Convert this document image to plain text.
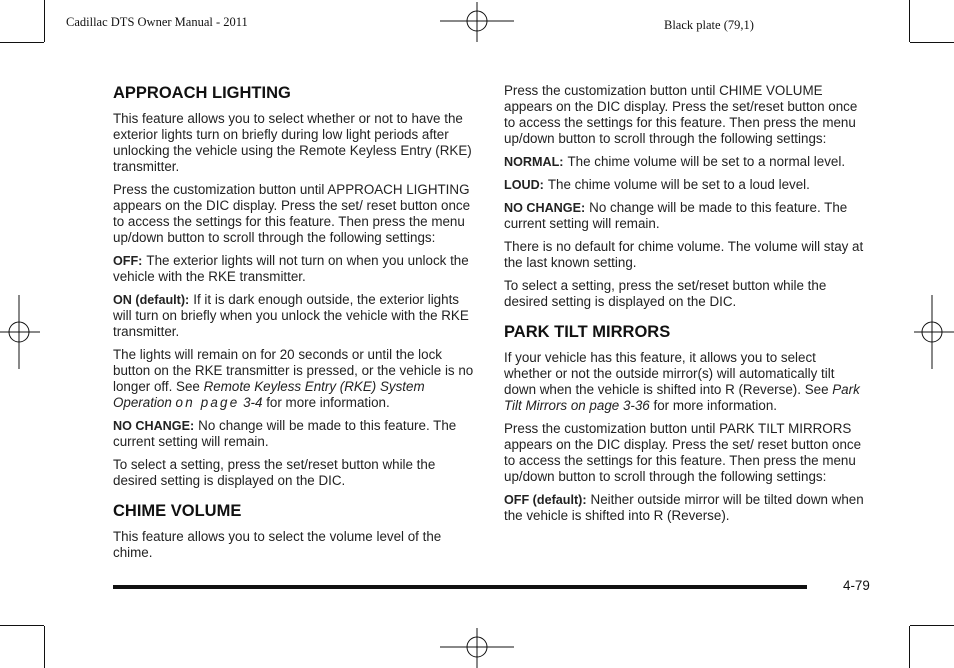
Cadillac DTS Owner Manual - 2011	Black plate (79,1)
APPROACH LIGHTING

This feature allows you to select whether or not to have the exterior lights turn on briefly during low light periods after unlocking the vehicle using the Remote Keyless Entry (RKE) transmitter.

Press the customization button until APPROACH LIGHTING appears on the DIC display. Press the set/ reset button once to access the settings for this feature. Then press the menu up/down button to scroll through the following settings:

OFF: The exterior lights will not turn on when you unlock the vehicle with the RKE transmitter.

ON (default): If it is dark enough outside, the exterior lights will turn on briefly when you unlock the vehicle with the RKE transmitter.

The lights will remain on for 20 seconds or until the lock button on the RKE transmitter is pressed, or the vehicle is no longer off. See Remote Keyless Entry (RKE) System Operation on page 3-4 for more information.

NO CHANGE: No change will be made to this feature. The current setting will remain.

To select a setting, press the set/reset button while the desired setting is displayed on the DIC.

CHIME VOLUME

This feature allows you to select the volume level of the chime.

Press the customization button until CHIME VOLUME appears on the DIC display. Press the set/reset button once to access the settings for this feature. Then press the menu up/down button to scroll through the following settings:

NORMAL: The chime volume will be set to a normal level.

LOUD: The chime volume will be set to a loud level.

NO CHANGE: No change will be made to this feature. The current setting will remain.

There is no default for chime volume. The volume will stay at the last known setting.

To select a setting, press the set/reset button while the desired setting is displayed on the DIC.

PARK TILT MIRRORS

If your vehicle has this feature, it allows you to select whether or not the outside mirror(s) will automatically tilt down when the vehicle is shifted into R (Reverse). See Park Tilt Mirrors on page 3-36 for more information.

Press the customization button until PARK TILT MIRRORS appears on the DIC display. Press the set/ reset button once to access the settings for this feature. Then press the menu up/down button to scroll through the following settings:

OFF (default): Neither outside mirror will be tilted down when the vehicle is shifted into R (Reverse).

4-79
